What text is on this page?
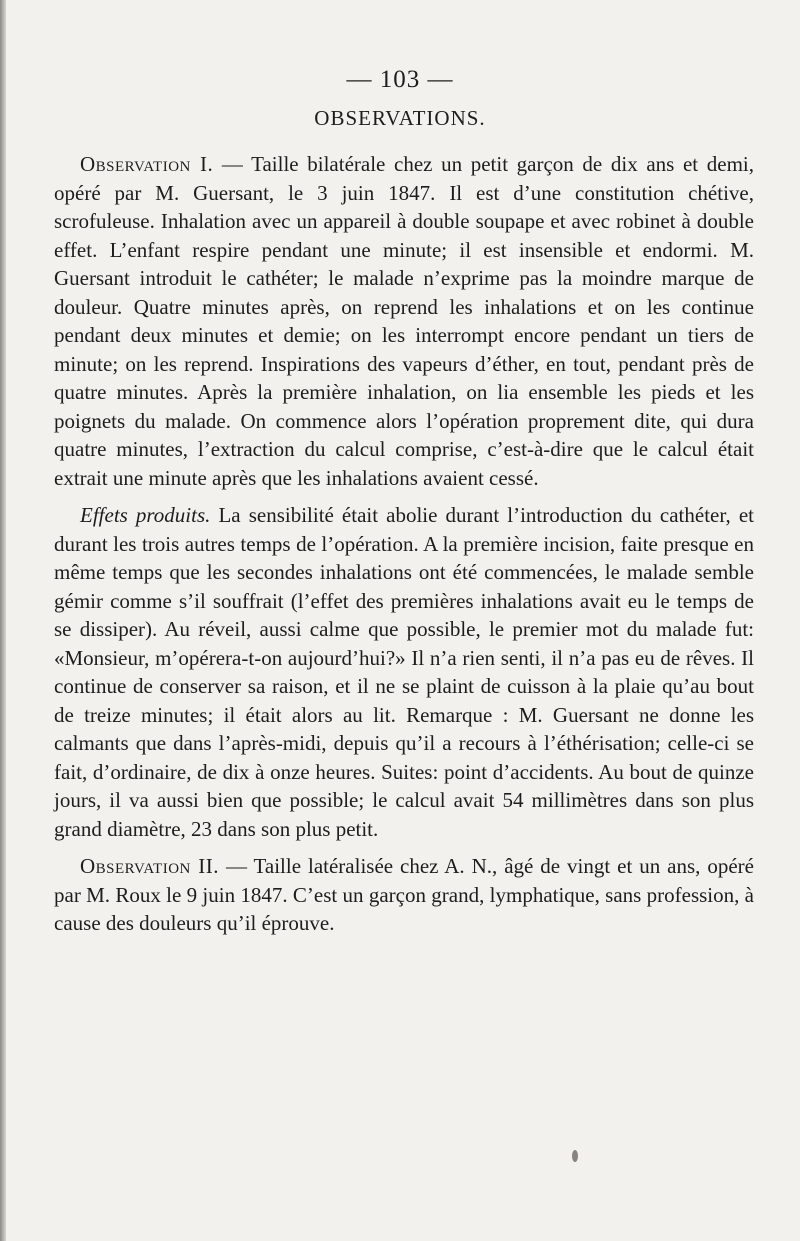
— 103 —
OBSERVATIONS.

Observation I. — Taille bilatérale chez un petit garçon de dix ans et demi, opéré par M. Guersant, le 3 juin 1847. Il est d’une constitution chétive, scrofuleuse. Inhalation avec un appareil à double soupape et avec robinet à double effet. L’enfant respire pendant une minute; il est insensible et endormi. M. Guersant introduit le cathéter; le malade n’exprime pas la moindre marque de douleur. Quatre minutes après, on reprend les inhalations et on les continue pendant deux minutes et demie; on les interrompt encore pendant un tiers de minute; on les reprend. Inspirations des vapeurs d’éther, en tout, pendant près de quatre minutes. Après la première inhalation, on lia ensemble les pieds et les poignets du malade. On commence alors l’opération proprement dite, qui dura quatre minutes, l’extraction du calcul comprise, c’est-à-dire que le calcul était extrait une minute après que les inhalations avaient cessé.

Effets produits. La sensibilité était abolie durant l’introduction du cathéter, et durant les trois autres temps de l’opération. A la première incision, faite presque en même temps que les secondes inhalations ont été commencées, le malade semble gémir comme s’il souffrait (l’effet des premières inhalations avait eu le temps de se dissiper). Au réveil, aussi calme que possible, le premier mot du malade fut: «Monsieur, m’opérera-t-on aujourd’hui?» Il n’a rien senti, il n’a pas eu de rêves. Il continue de conserver sa raison, et il ne se plaint de cuisson à la plaie qu’au bout de treize minutes; il était alors au lit. Remarque : M. Guersant ne donne les calmants que dans l’après-midi, depuis qu’il a recours à l’éthérisation; celle-ci se fait, d’ordinaire, de dix à onze heures. Suites: point d’accidents. Au bout de quinze jours, il va aussi bien que possible; le calcul avait 54 millimètres dans son plus grand diamètre, 23 dans son plus petit.

Observation II. — Taille latéralisée chez A. N., âgé de vingt et un ans, opéré par M. Roux le 9 juin 1847. C’est un garçon grand, lymphatique, sans profession, à cause des douleurs qu’il éprouve.
